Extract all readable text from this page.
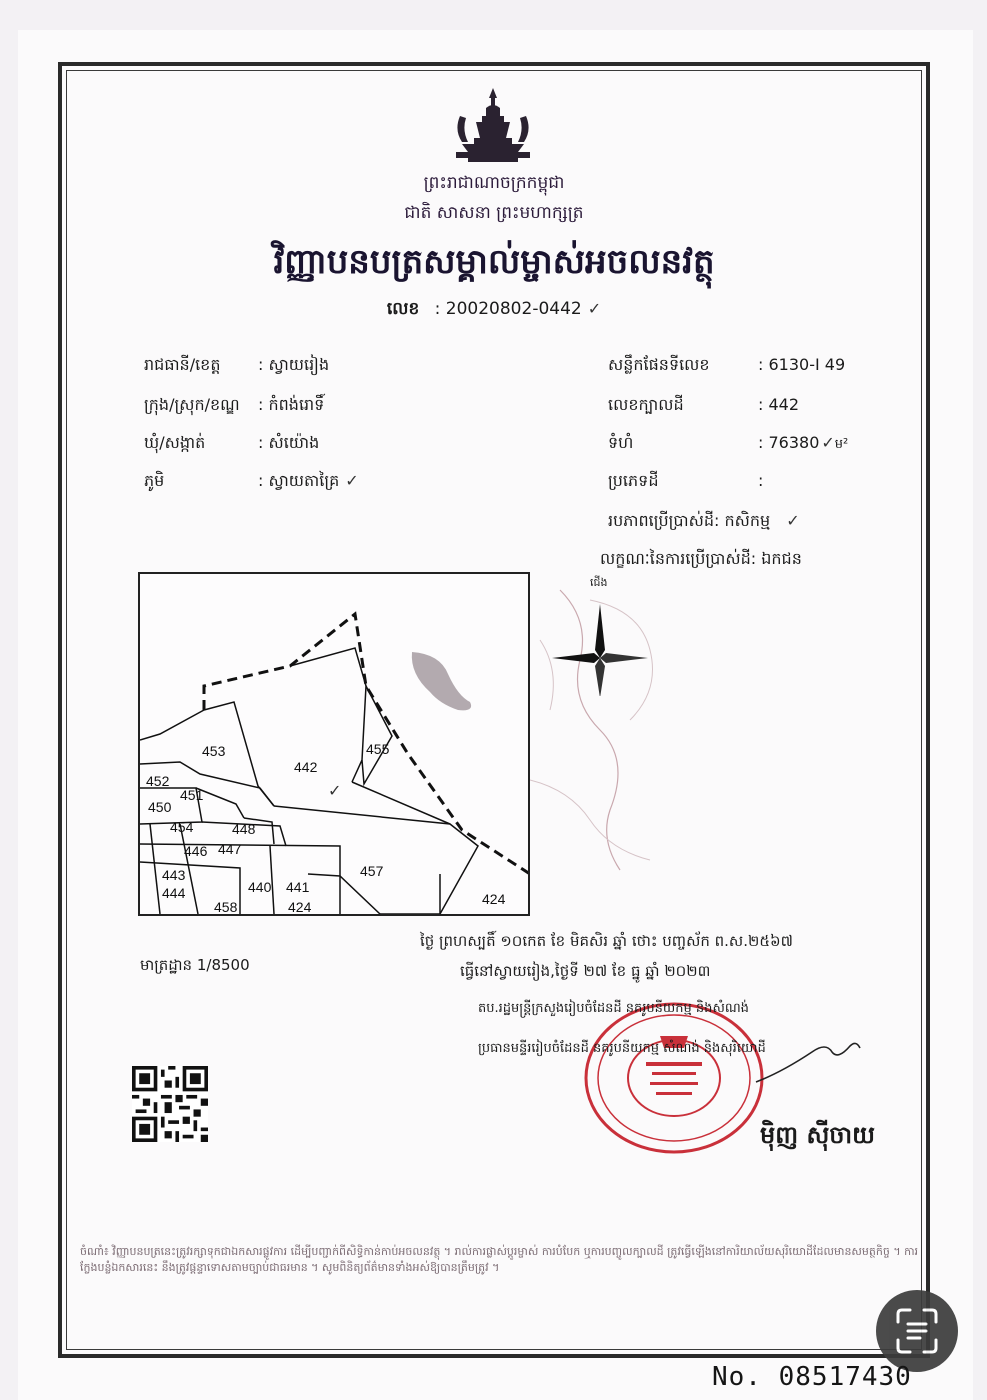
ព្រះរាជាណាចក្រកម្ពុជា
ជាតិ សាសនា ព្រះមហាក្សត្រ
វិញ្ញាបនបត្រសម្គាល់ម្ចាស់អចលនវត្ថុ
លេខ : 20020802-0442 ✓
រាជធានី/ខេត្ត : ស្វាយរៀង
ក្រុង/ស្រុក/ខណ្ឌ : កំពង់រោទិ៍
ឃុំ/សង្កាត់	: សំយ៉ោង
ភូមិ	: ស្វាយតាគ្រៃ ✓
សន្លឹកផែនទីលេខ	: 6130-I 49
លេខក្បាលដី	: 442
ទំហំ	: 76380 ✓ម²
ប្រភេទដី	:
របភាពប្រើប្រាស់ដី: កសិកម្ម ✓
លក្ខណៈនៃការប្រើប្រាស់ដី: ឯកជន
ជើង
453
442
455
452
451
450
454	448
446 447
443
444	440 441
457
458	424	424
✓
មាត្រដ្ឋាន 1/8500
ថ្ងៃ ព្រហស្បតិ៍ ១០កេត ខែ មិគសិរ ឆ្នាំ ថោះ បញ្ចស័ក ព.ស.២៥៦៧
ធ្វើនៅស្វាយរៀង,ថ្ងៃទី ២៧ ខែ ធ្នូ ឆ្នាំ ២០២៣
តប.រដ្ឋមន្ត្រីក្រសួងរៀបចំដែនដី នគរូបនីយកម្ម និងសំណង់
ប្រធានមន្ទីររៀបចំដែនដី នគរូបនីយកម្ម សំណង់ និងសុរិយោដី
ម៉ិញ ស៊ីចាយ
ចំណាំ៖ វិញ្ញាបនបត្រនេះត្រូវរក្សាទុកជាឯកសារផ្លូវការ ដើម្បីបញ្ជាក់ពីសិទ្ធិកាន់កាប់អចលនវត្ថុ ។ រាល់ការផ្លាស់ប្តូរម្ចាស់ ការបំបែក ឬការបញ្ចូលក្បាលដី ត្រូវធ្វើឡើងនៅការិយាល័យសុរិយោដីដែលមានសមត្ថកិច្ច ។ ការក្លែងបន្លំឯកសារនេះ នឹងត្រូវផ្តន្ទាទោសតាមច្បាប់ជាធរមាន ។ សូមពិនិត្យព័ត៌មានទាំងអស់ឱ្យបានត្រឹមត្រូវ ។
No. 08517430
